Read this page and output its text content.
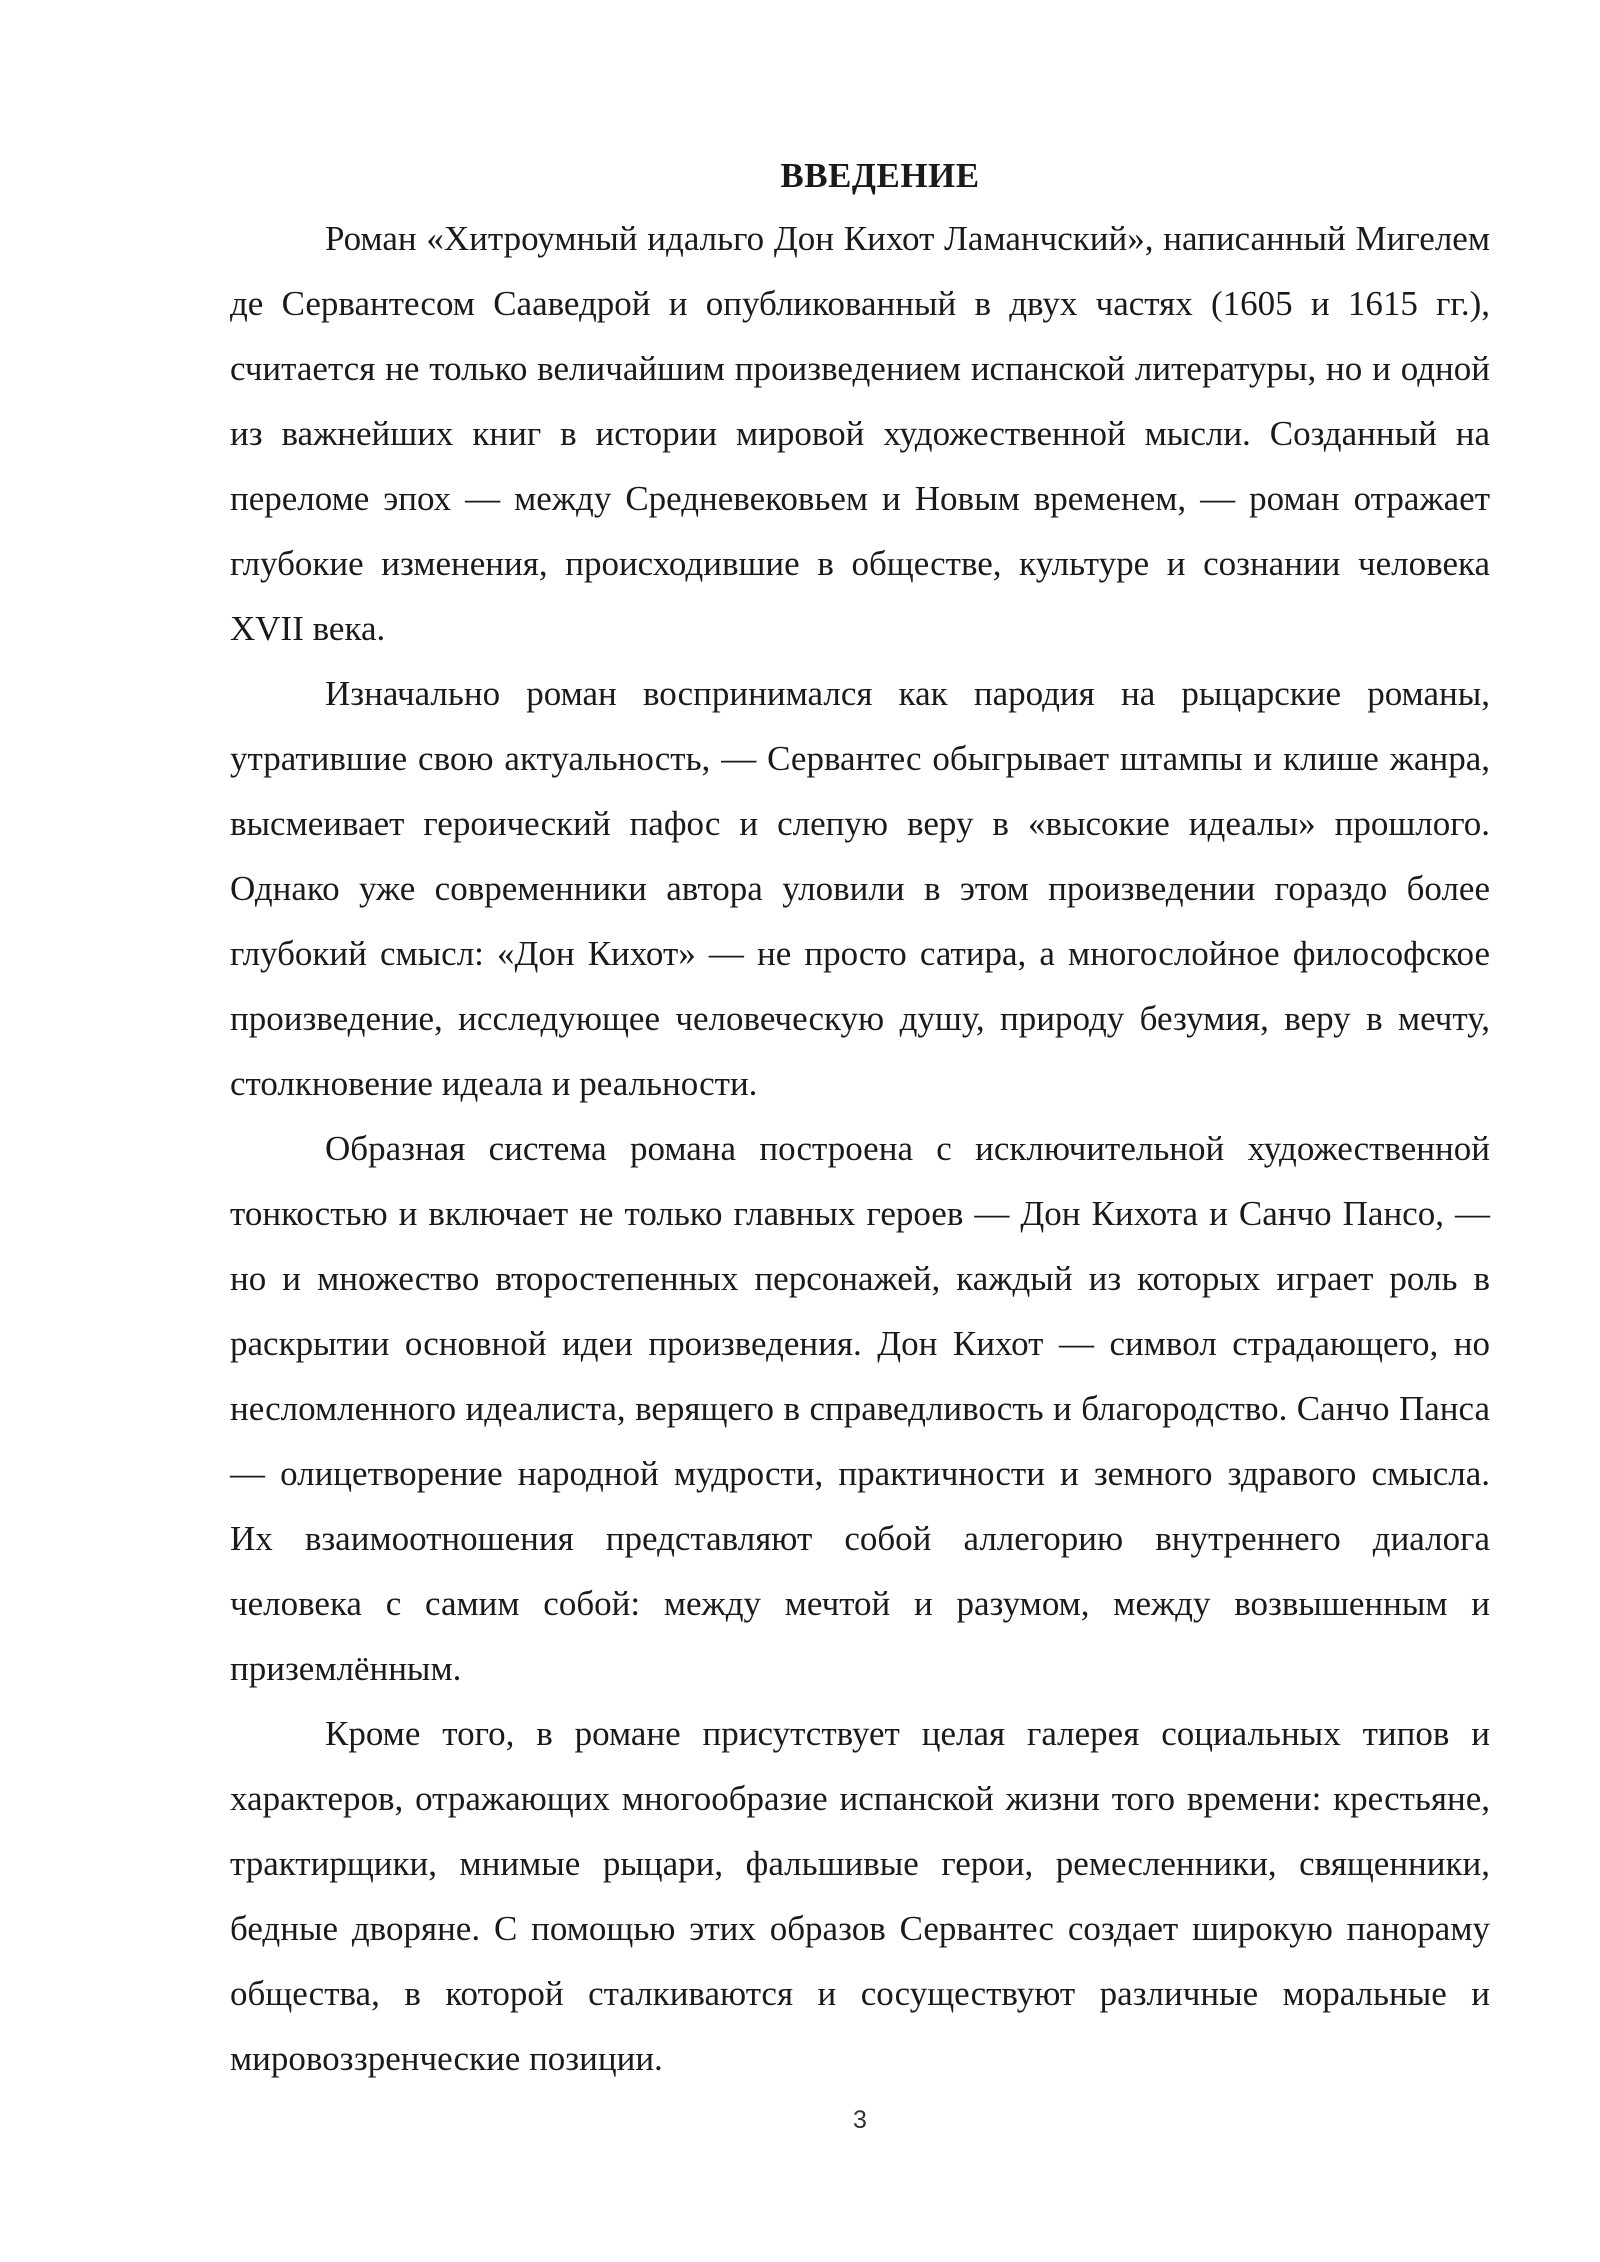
ВВЕДЕНИЕ

Роман «Хитроумный идальго Дон Кихот Ламанчский», написанный Мигелем де Сервантесом Сааведрой и опубликованный в двух частях (1605 и 1615 гг.), считается не только величайшим произведением испанской литературы, но и одной из важнейших книг в истории мировой художественной мысли. Созданный на переломе эпох — между Средневековьем и Новым временем, — роман отражает глубокие изменения, происходившие в обществе, культуре и сознании человека XVII века.

Изначально роман воспринимался как пародия на рыцарские романы, утратившие свою актуальность, — Сервантес обыгрывает штампы и клише жанра, высмеивает героический пафос и слепую веру в «высокие идеалы» прошлого. Однако уже современники автора уловили в этом произведении гораздо более глубокий смысл: «Дон Кихот» — не просто сатира, а многослойное философское произведение, исследующее человеческую душу, природу безумия, веру в мечту, столкновение идеала и реальности.

Образная система романа построена с исключительной художественной тонкостью и включает не только главных героев — Дон Кихота и Санчо Пансо, — но и множество второстепенных персонажей, каждый из которых играет роль в раскрытии основной идеи произведения. Дон Кихот — символ страдающего, но несломленного идеалиста, верящего в справедливость и благородство. Санчо Панса — олицетворение народной мудрости, практичности и земного здравого смысла. Их взаимоотношения представляют собой аллегорию внутреннего диалога человека с самим собой: между мечтой и разумом, между возвышенным и приземлённым.

Кроме того, в романе присутствует целая галерея социальных типов и характеров, отражающих многообразие испанской жизни того времени: крестьяне, трактирщики, мнимые рыцари, фальшивые герои, ремесленники, священники, бедные дворяне. С помощью этих образов Сервантес создает широкую панораму общества, в которой сталкиваются и сосуществуют различные моральные и мировоззренческие позиции.

3
